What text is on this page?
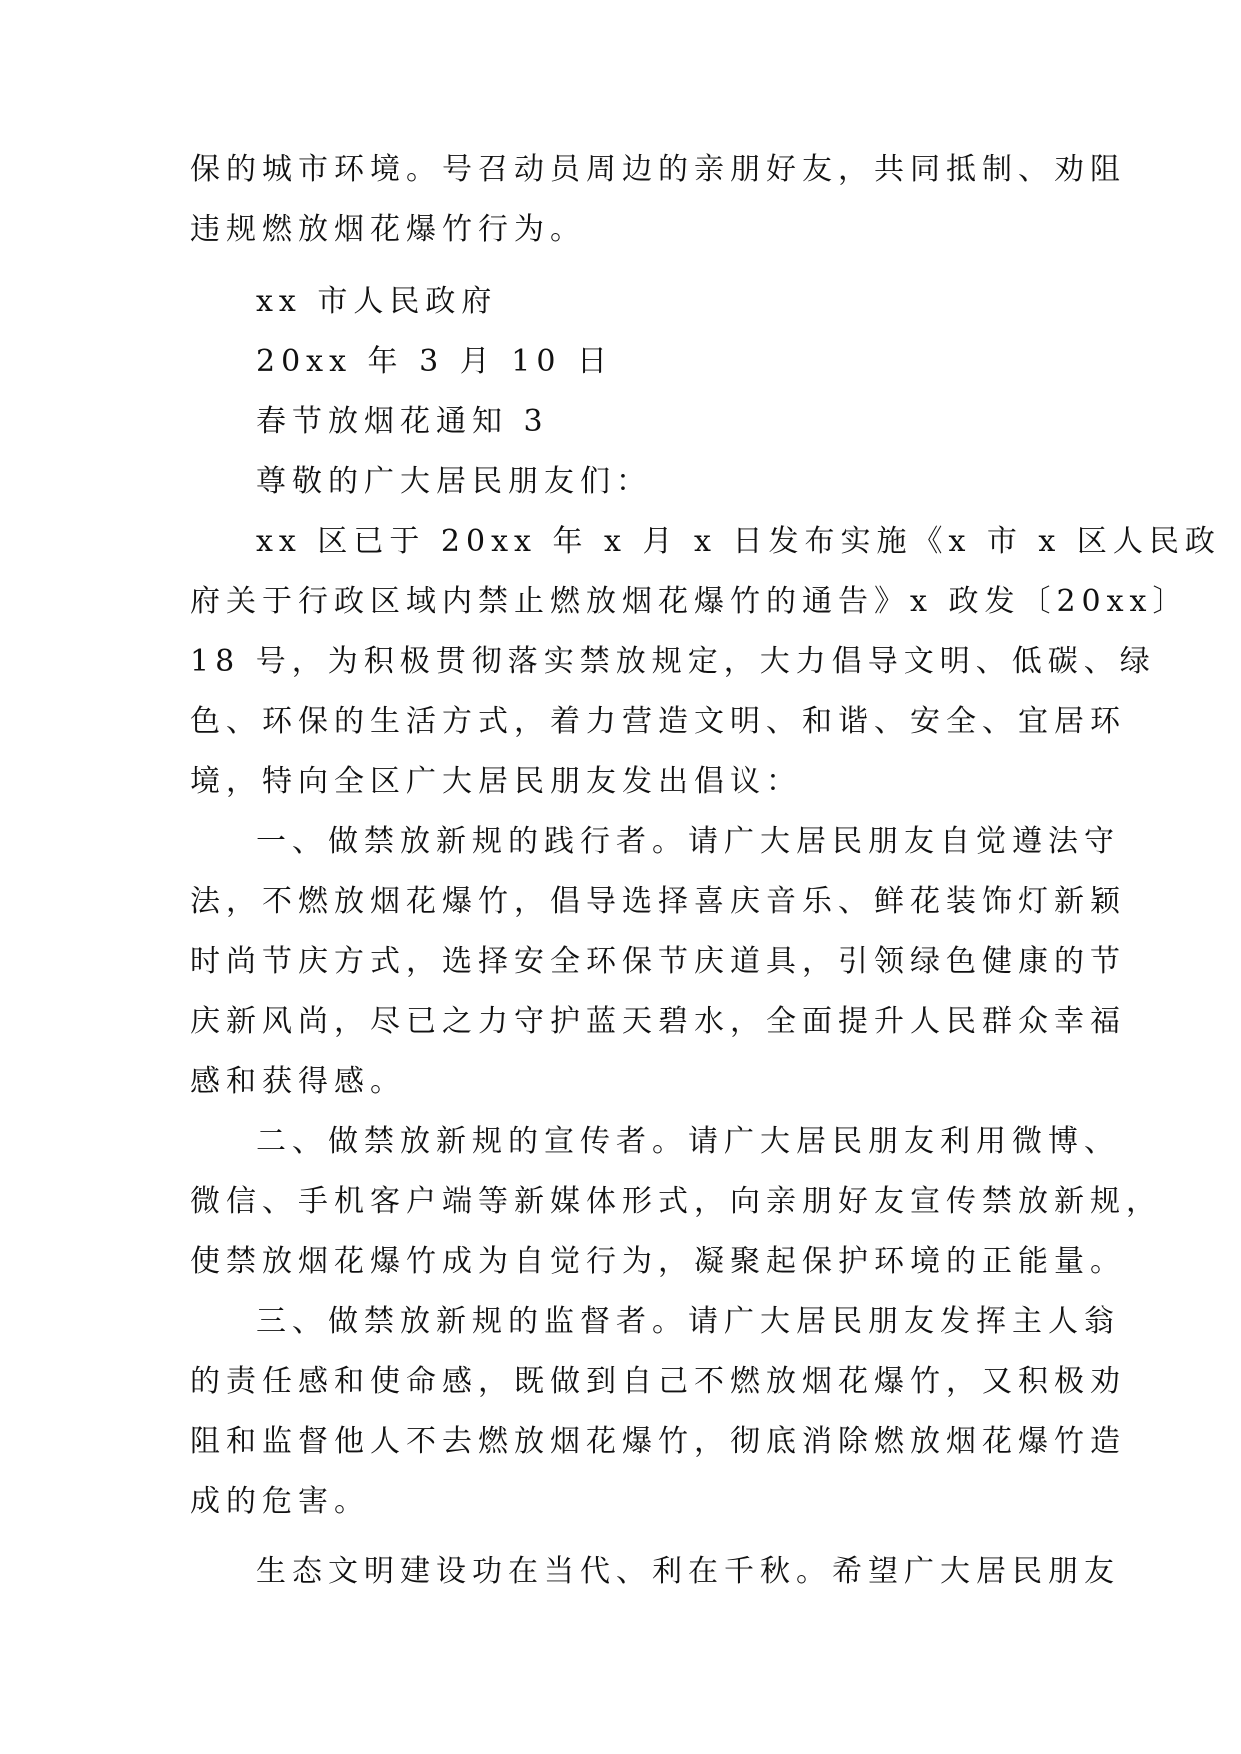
保的城市环境。号召动员周边的亲朋好友，共同抵制、劝阻
违规燃放烟花爆竹行为。
xx 市人民政府
20xx 年 3 月 10 日
春节放烟花通知 3
尊敬的广大居民朋友们：
xx 区已于 20xx 年 x 月 x 日发布实施《x 市 x 区人民政
府关于行政区域内禁止燃放烟花爆竹的通告》x 政发〔20xx〕
18 号，为积极贯彻落实禁放规定，大力倡导文明、低碳、绿
色、环保的生活方式，着力营造文明、和谐、安全、宜居环
境，特向全区广大居民朋友发出倡议：
一、做禁放新规的践行者。请广大居民朋友自觉遵法守
法，不燃放烟花爆竹，倡导选择喜庆音乐、鲜花装饰灯新颖
时尚节庆方式，选择安全环保节庆道具，引领绿色健康的节
庆新风尚，尽已之力守护蓝天碧水，全面提升人民群众幸福
感和获得感。
二、做禁放新规的宣传者。请广大居民朋友利用微博、
微信、手机客户端等新媒体形式，向亲朋好友宣传禁放新规，
使禁放烟花爆竹成为自觉行为，凝聚起保护环境的正能量。
三、做禁放新规的监督者。请广大居民朋友发挥主人翁
的责任感和使命感，既做到自己不燃放烟花爆竹，又积极劝
阻和监督他人不去燃放烟花爆竹，彻底消除燃放烟花爆竹造
成的危害。
生态文明建设功在当代、利在千秋。希望广大居民朋友
